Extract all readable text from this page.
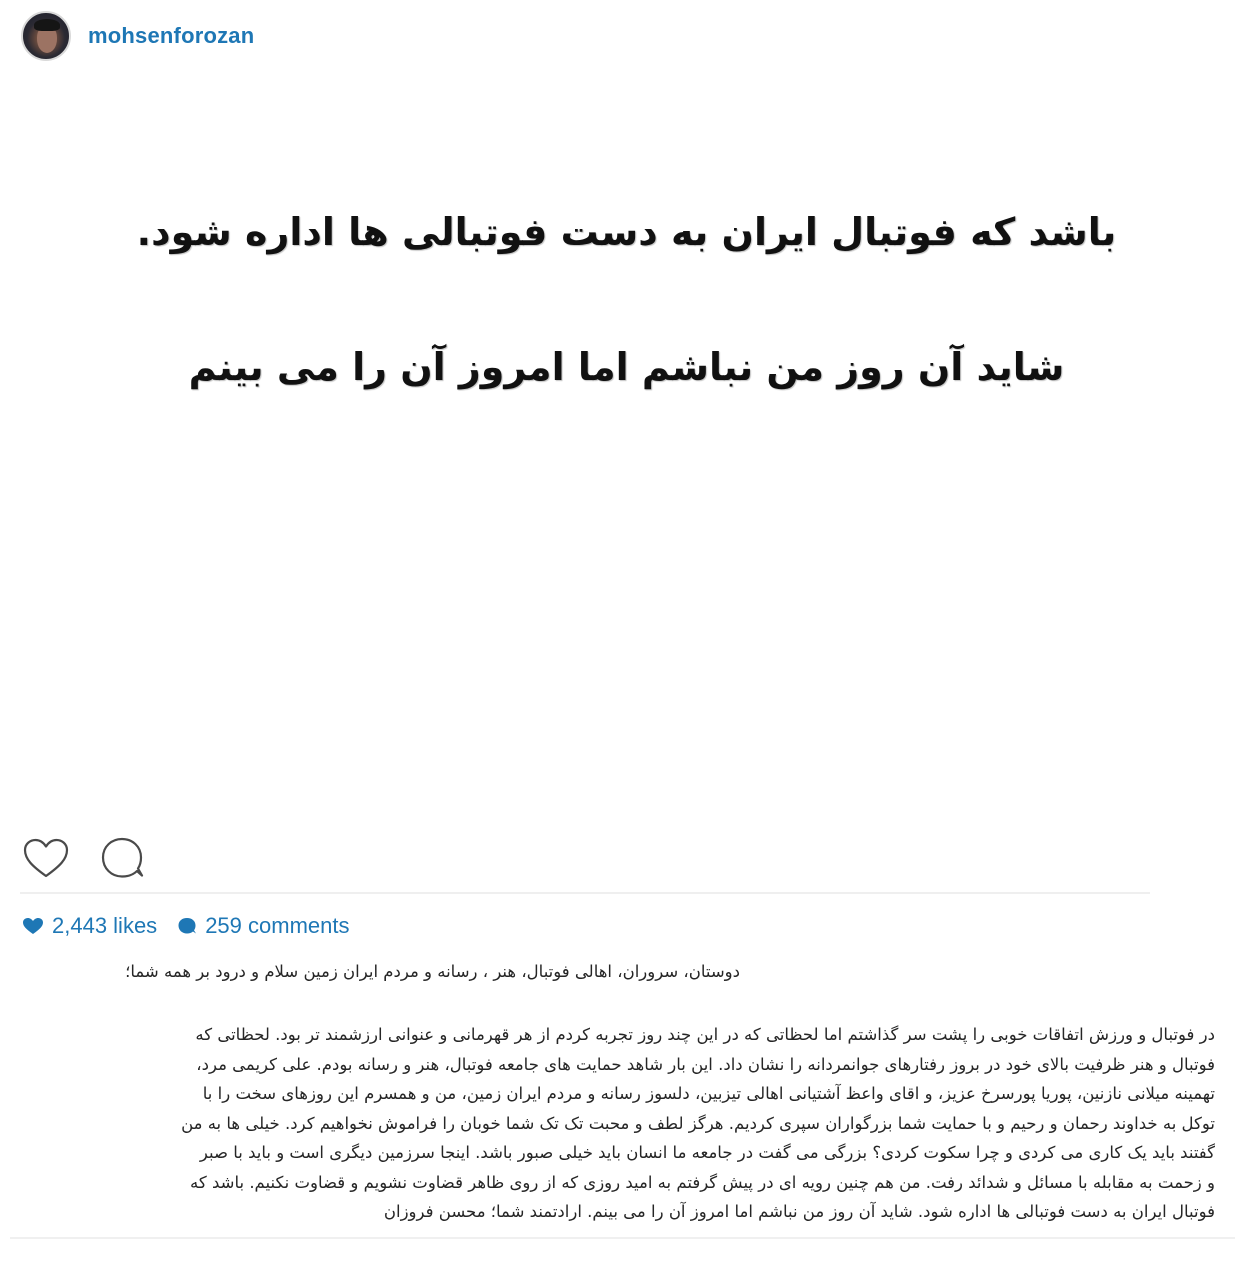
mohsenforozan
باشد که فوتبال ایران به دست فوتبالی ها اداره شود.
شاید آن روز من نباشم اما امروز آن را می بینم
2,443 likes 259 comments
دوستان، سروران، اهالی فوتبال، هنر ، رسانه و مردم ایران زمین سلام و درود بر همه شما؛
در فوتبال و ورزش اتفاقات خوبی را پشت سر گذاشتم اما لحظاتی که در این چند روز تجربه کردم از هر قهرمانی و عنوانی ارزشمند تر بود. لحظاتی که
فوتبال و هنر ظرفیت بالای خود در بروز رفتارهای جوانمردانه را نشان داد. این بار شاهد حمایت های جامعه فوتبال، هنر و رسانه بودم. علی کریمی مرد،
تهمینه میلانی نازنین، پوریا پورسرخ عزیز، و اقای واعظ آشتیانی اهالی تیزبین، دلسوز رسانه و مردم ایران زمین، من و همسرم این روزهای سخت را با
توکل به خداوند رحمان و رحیم و با حمایت شما بزرگواران سپری کردیم. هرگز لطف و محبت تک تک شما خوبان را فراموش نخواهیم کرد. خیلی ها به من
گفتند باید یک کاری می کردی و چرا سکوت کردی؟ بزرگی می گفت در جامعه ما انسان باید خیلی صبور باشد. اینجا سرزمین دیگری است و باید با صبر
و زحمت به مقابله با مسائل و شدائد رفت. من هم چنین رویه ای در پیش گرفتم به امید روزی که از روی ظاهر قضاوت نشویم و قضاوت نکنیم. باشد که
فوتبال ایران به دست فوتبالی ها اداره شود. شاید آن روز من نباشم اما امروز آن را می بینم. ارادتمند شما؛ محسن فروزان
